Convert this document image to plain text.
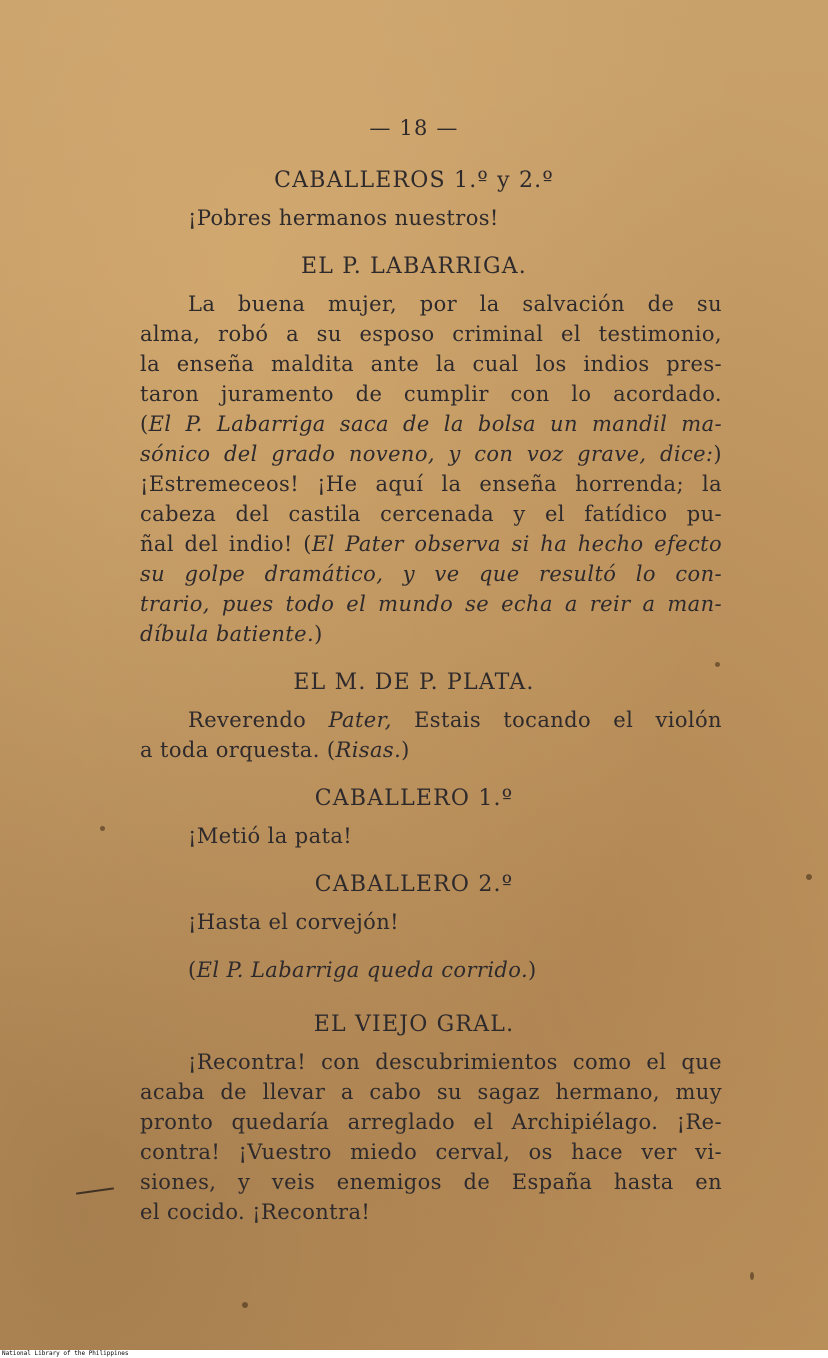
— 18 —
CABALLEROS 1.º y 2.º
¡Pobres hermanos nuestros!
EL P. LABARRIGA.
La buena mujer, por la salvación de su
alma, robó a su esposo criminal el testimonio,
la enseña maldita ante la cual los indios pres-
taron juramento de cumplir con lo acordado.
(El P. Labarriga saca de la bolsa un mandil ma-
sónico del grado noveno, y con voz grave, dice:)
¡Estremeceos! ¡He aquí la enseña horrenda; la
cabeza del castila cercenada y el fatídico pu-
ñal del indio! (El Pater observa si ha hecho efecto
su golpe dramático, y ve que resultó lo con-
trario, pues todo el mundo se echa a reir a man-
díbula batiente.)
EL M. DE P. PLATA.
Reverendo Pater, Estais tocando el violón
a toda orquesta. (Risas.)
CABALLERO 1.º
¡Metió la pata!
CABALLERO 2.º
¡Hasta el corvejón!
(El P. Labarriga queda corrido.)
EL VIEJO GRAL.
¡Recontra! con descubrimientos como el que
acaba de llevar a cabo su sagaz hermano, muy
pronto quedaría arreglado el Archipiélago. ¡Re-
contra! ¡Vuestro miedo cerval, os hace ver vi-
siones, y veis enemigos de España hasta en
el cocido. ¡Recontra!
National Library of the Philippines
